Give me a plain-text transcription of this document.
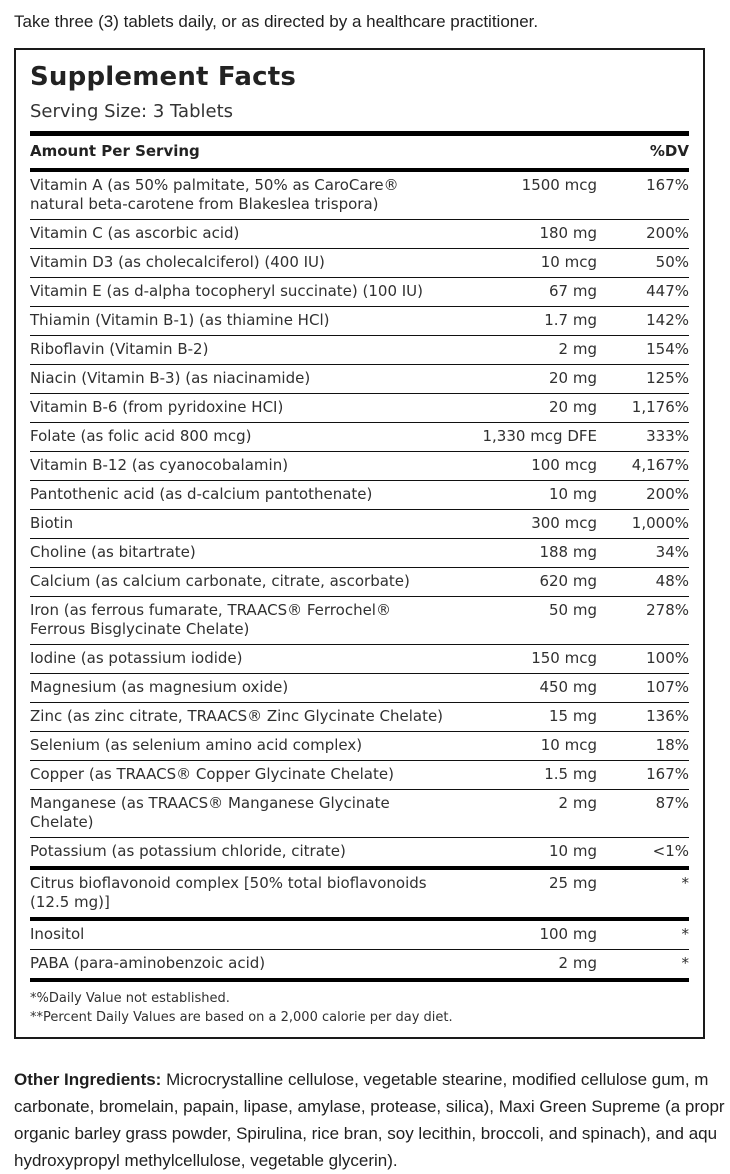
Take three (3) tablets daily, or as directed by a healthcare practitioner.
Supplement Facts
Serving Size: 3 Tablets
Amount Per Serving	%DV
Vitamin A (as 50% palmitate, 50% as CaroCare® natural beta-carotene from Blakeslea trispora)
1500 mcg	167%
Vitamin C (as ascorbic acid)	180 mg	200%
Vitamin D3 (as cholecalciferol) (400 IU)	10 mcg	50%
Vitamin E (as d-alpha tocopheryl succinate) (100 IU)	67 mg	447%
Thiamin (Vitamin B-1) (as thiamine HCl)	1.7 mg	142%
Riboflavin (Vitamin B-2)	2 mg	154%
Niacin (Vitamin B-3) (as niacinamide)	20 mg	125%
Vitamin B-6 (from pyridoxine HCI)	20 mg	1,176%
Folate (as folic acid 800 mcg)	1,330 mcg DFE	333%
Vitamin B-12 (as cyanocobalamin)	100 mcg	4,167%
Pantothenic acid (as d-calcium pantothenate)	10 mg	200%
Biotin	300 mcg	1,000%
Choline (as bitartrate)	188 mg	34%
Calcium (as calcium carbonate, citrate, ascorbate)	620 mg	48%
Iron (as ferrous fumarate, TRAACS® Ferrochel® Ferrous Bisglycinate Chelate)
50 mg	278%
Iodine (as potassium iodide)	150 mcg	100%
Magnesium (as magnesium oxide)	450 mg	107%
Zinc (as zinc citrate, TRAACS® Zinc Glycinate Chelate)	15 mg	136%
Selenium (as selenium amino acid complex)	10 mcg	18%
Copper (as TRAACS® Copper Glycinate Chelate)	1.5 mg	167%
Manganese (as TRAACS® Manganese Glycinate Chelate)
2 mg	87%
Potassium (as potassium chloride, citrate)	10 mg	<1%
Citrus bioflavonoid complex [50% total bioflavonoids (12.5 mg)]
25 mg	*
Inositol	100 mg	*
PABA (para-aminobenzoic acid)	2 mg	*
*%Daily Value not established.
**Percent Daily Values are based on a 2,000 calorie per day diet.
Other Ingredients: Microcrystalline cellulose, vegetable stearine, modified cellulose gum, m
carbonate, bromelain, papain, lipase, amylase, protease, silica), Maxi Green Supreme (a propr
organic barley grass powder, Spirulina, rice bran, soy lecithin, broccoli, and spinach), and aqu
hydroxypropyl methylcellulose, vegetable glycerin).
